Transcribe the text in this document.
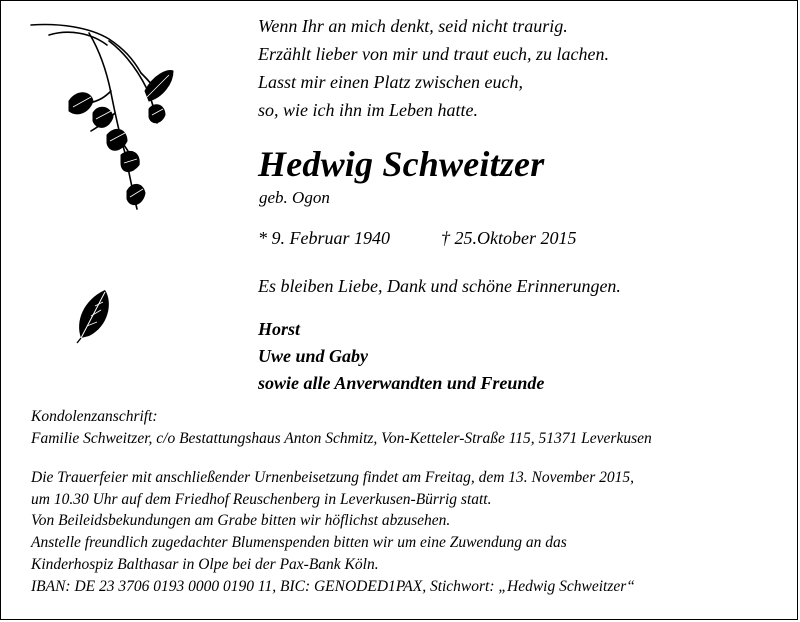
Wenn Ihr an mich denkt, seid nicht traurig.
Erzählt lieber von mir und traut euch, zu lachen.
Lasst mir einen Platz zwischen euch,
so, wie ich ihn im Leben hatte.
Hedwig Schweitzer
geb. Ogon
* 9. Februar 1940	† 25.Oktober 2015
Es bleiben Liebe, Dank und schöne Erinnerungen.
Horst
Uwe und Gaby
sowie alle Anverwandten und Freunde
Kondolenzanschrift:
Familie Schweitzer, c/o Bestattungshaus Anton Schmitz, Von-Ketteler-Straße 115, 51371 Leverkusen
Die Trauerfeier mit anschließender Urnenbeisetzung findet am Freitag, dem 13. November 2015,
um 10.30 Uhr auf dem Friedhof Reuschenberg in Leverkusen-Bürrig statt.
Von Beileidsbekundungen am Grabe bitten wir höflichst abzusehen.
Anstelle freundlich zugedachter Blumenspenden bitten wir um eine Zuwendung an das
Kinderhospiz Balthasar in Olpe bei der Pax-Bank Köln.
IBAN: DE 23 3706 0193 0000 0190 11, BIC: GENODED1PAX, Stichwort: „Hedwig Schweitzer“
